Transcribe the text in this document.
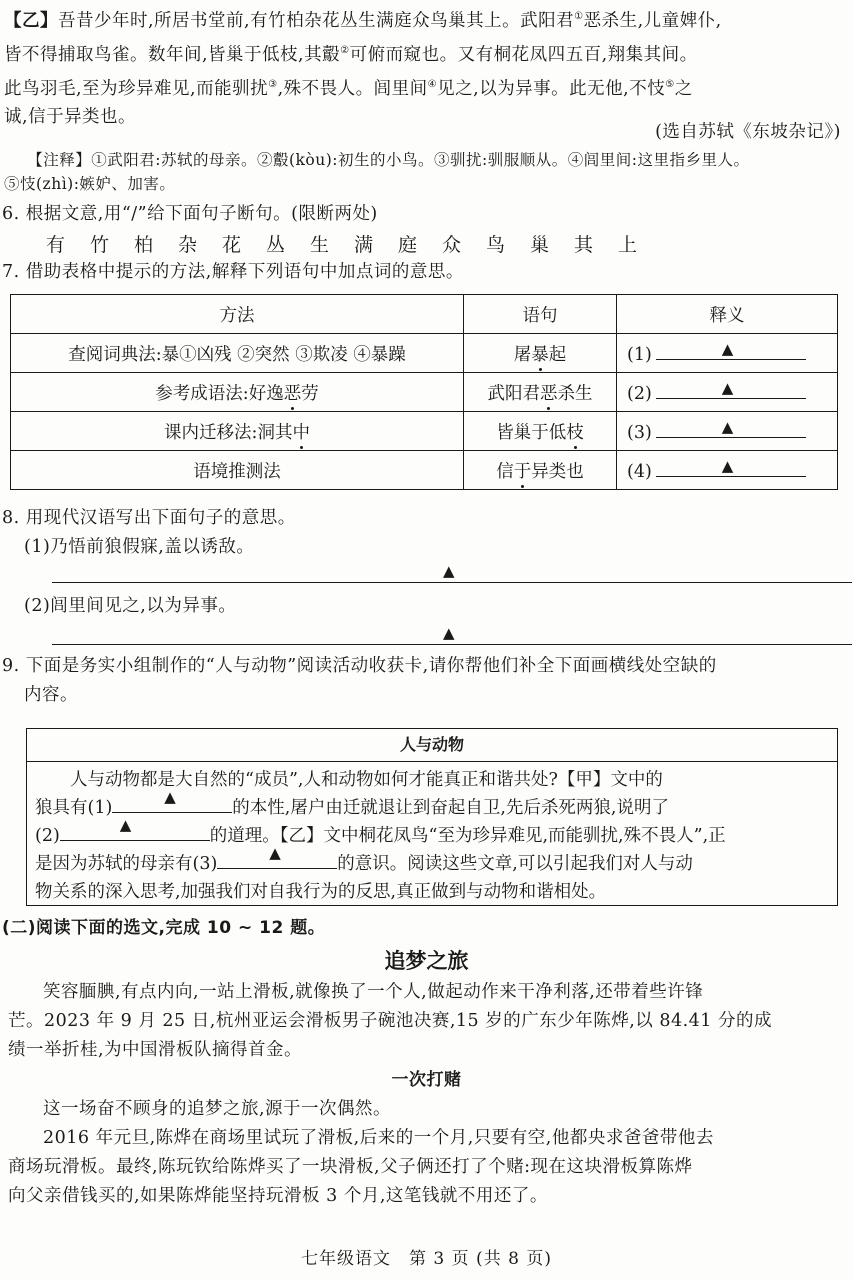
【乙】吾昔少年时,所居书堂前,有竹柏杂花丛生满庭众鸟巢其上。武阳君①恶杀生,儿童婢仆,

皆不得捕取鸟雀。数年间,皆巢于低枝,其鷇②可俯而窥也。又有桐花凤四五百,翔集其间。

此鸟羽毛,至为珍异难见,而能驯扰③,殊不畏人。闾里间④见之,以为异事。此无他,不忮⑤之

诚,信于异类也。

(选自苏轼《东坡杂记》)

【注释】①武阳君:苏轼的母亲。②鷇(kòu):初生的小鸟。③驯扰:驯服顺从。④闾里间:这里指乡里人。

⑤忮(zhì):嫉妒、加害。

6. 根据文意,用“/”给下面句子断句。(限断两处)

有	竹	柏	杂	花	丛	生	满	庭	众	鸟	巢	其	上

7. 借助表格中提示的方法,解释下列语句中加点词的意思。

方法	语句	释义
查阅词典法:暴①凶残 ②突然 ③欺凌 ④暴躁	屠暴起	(1) ▲

参考成语法:好逸恶劳	武阳君恶杀生	(2) ▲

课内迁移法:洞其中	皆巢于低枝	(3) ▲

语境推测法	信于异类也	(4) ▲

8. 用现代汉语写出下面句子的意思。

(1)乃悟前狼假寐,盖以诱敌。

▲

(2)闾里间见之,以为异事。

▲

9. 下面是务实小组制作的“人与动物”阅读活动收获卡,请你帮他们补全下面画横线处空缺的

内容。

人与动物
人与动物都是大自然的“成员”,人和动物如何才能真正和谐共处?【甲】文中的
狼具有(1)
▲
的本性,屠户由迁就退让到奋起自卫,先后杀死两狼,说明了
(2)
▲
的道理。【乙】文中桐花凤鸟“至为珍异难见,而能驯扰,殊不畏人”,正
是因为苏轼的母亲有(3)
▲
的意识。阅读这些文章,可以引起我们对人与动
物关系的深入思考,加强我们对自我行为的反思,真正做到与动物和谐相处。

(二)阅读下面的选文,完成 10 ~ 12 题。

追梦之旅

笑容腼腆,有点内向,一站上滑板,就像换了一个人,做起动作来干净利落,还带着些许锋

芒。2023 年 9 月 25 日,杭州亚运会滑板男子碗池决赛,15 岁的广东少年陈烨,以 84.41 分的成

绩一举折桂,为中国滑板队摘得首金。

一次打赌

这一场奋不顾身的追梦之旅,源于一次偶然。

2016 年元旦,陈烨在商场里试玩了滑板,后来的一个月,只要有空,他都央求爸爸带他去

商场玩滑板。最终,陈玩钦给陈烨买了一块滑板,父子俩还打了个赌:现在这块滑板算陈烨

向父亲借钱买的,如果陈烨能坚持玩滑板 3 个月,这笔钱就不用还了。

七年级语文　第 3 页 (共 8 页)
